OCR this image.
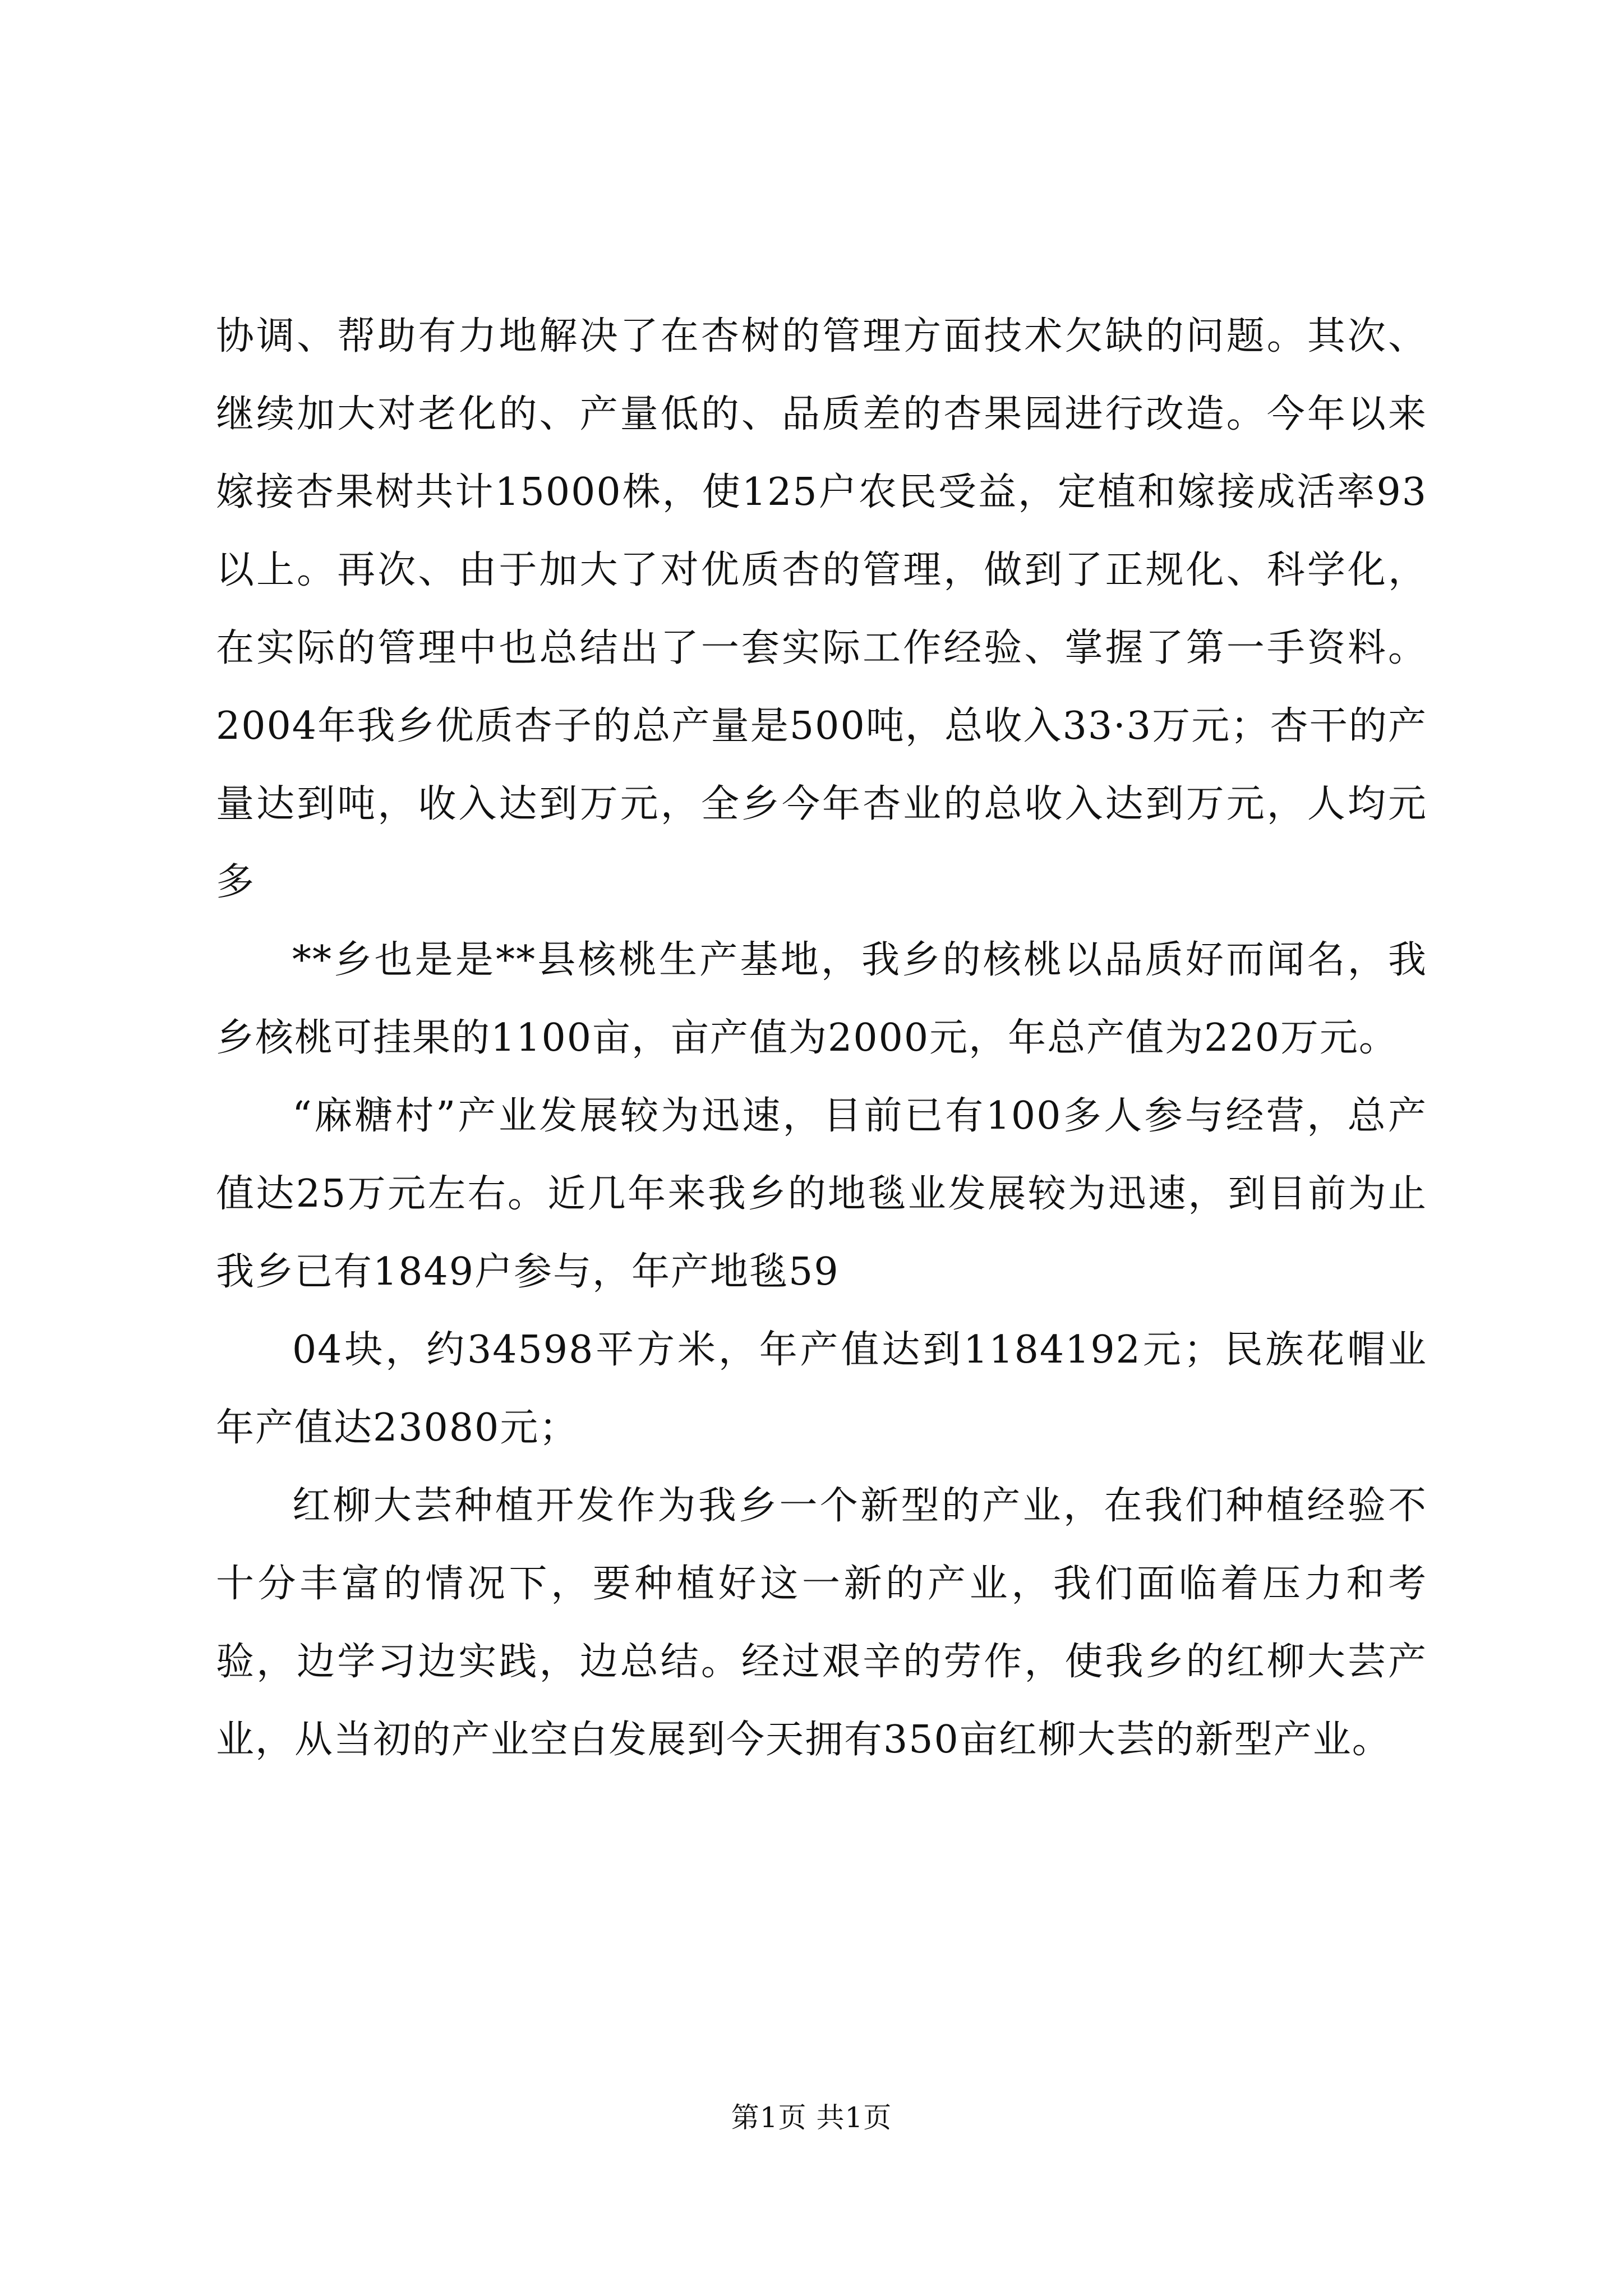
协调、帮助有力地解决了在杏树的管理方面技术欠缺的问题。其次、继续加大对老化的、产量低的、品质差的杏果园进行改造。今年以来嫁接杏果树共计15000株，使125户农民受益，定植和嫁接成活率93以上。再次、由于加大了对优质杏的管理，做到了正规化、科学化，在实际的管理中也总结出了一套实际工作经验、掌握了第一手资料。2004年我乡优质杏子的总产量是500吨，总收入33·3万元；杏干的产量达到吨，收入达到万元，全乡今年杏业的总收入达到万元，人均元多

**乡也是是**县核桃生产基地，我乡的核桃以品质好而闻名，我乡核桃可挂果的1100亩，亩产值为2000元，年总产值为220万元。

“麻糖村”产业发展较为迅速，目前已有100多人参与经营，总产值达25万元左右。近几年来我乡的地毯业发展较为迅速，到目前为止我乡已有1849户参与，年产地毯59

04块，约34598平方米，年产值达到1184192元；民族花帽业年产值达23080元；

红柳大芸种植开发作为我乡一个新型的产业，在我们种植经验不十分丰富的情况下，要种植好这一新的产业，我们面临着压力和考验，边学习边实践，边总结。经过艰辛的劳作，使我乡的红柳大芸产业，从当初的产业空白发展到今天拥有350亩红柳大芸的新型产业。

第1页 共1页
